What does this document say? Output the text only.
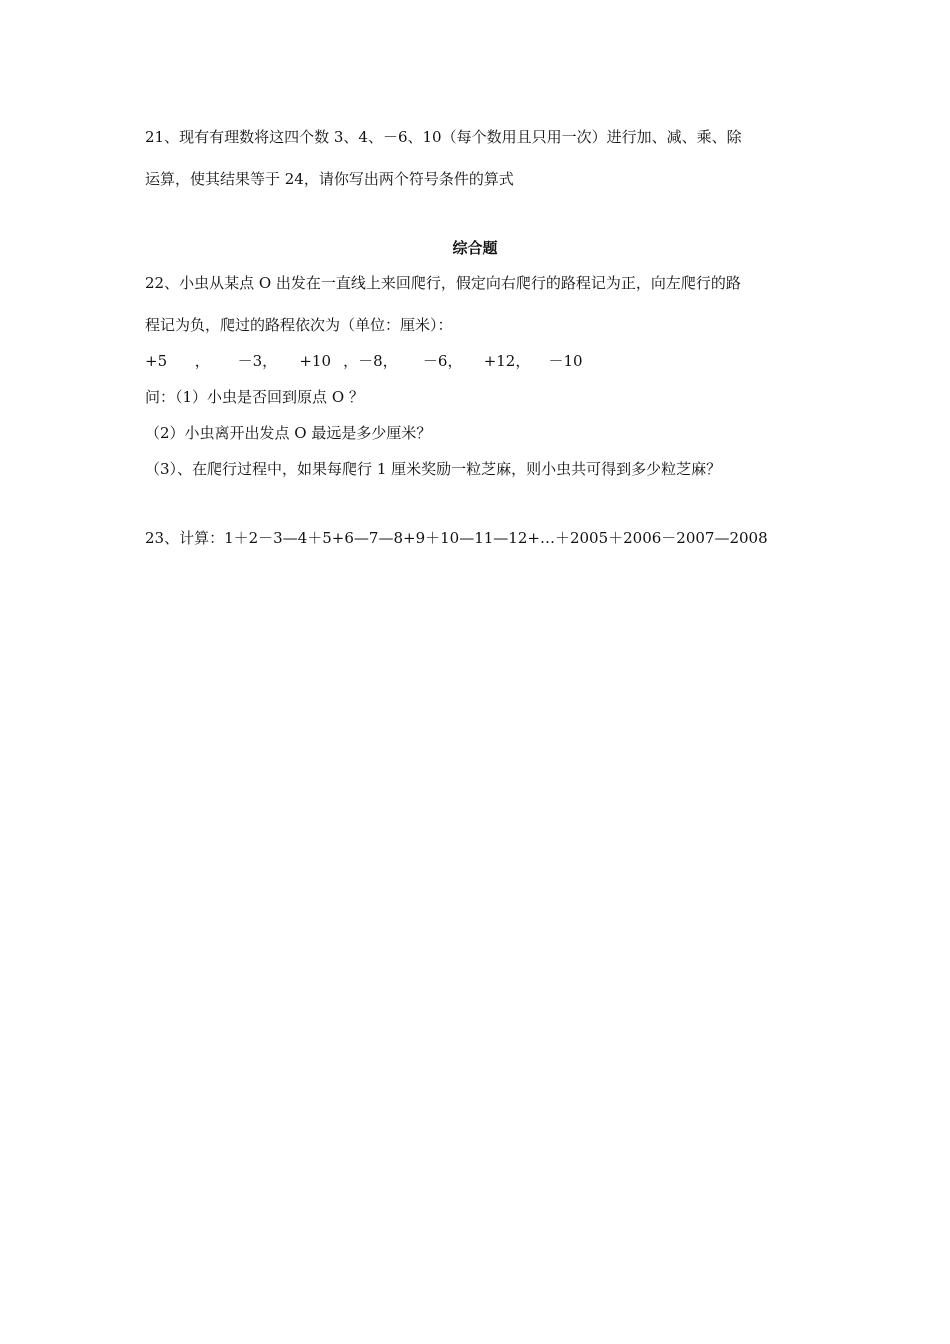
21、现有有理数将这四个数 3、4、－6、10（每个数用且只用一次）进行加、减、乘、除
运算，使其结果等于 24，请你写出两个符号条件的算式
综合题
22、小虫从某点 O 出发在一直线上来回爬行，假定向右爬行的路程记为正，向左爬行的路
程记为负，爬过的路程依次为（单位：厘米）：
+5 ， －3， +10 ，－8， －6， +12， －10
问：（1）小虫是否回到原点 O ？
（2）小虫离开出发点 O 最远是多少厘米？
（3）、在爬行过程中，如果每爬行 1 厘米奖励一粒芝麻，则小虫共可得到多少粒芝麻？
23、计算：1＋2－3—4＋5+6—7—8+9＋10—11—12+…＋2005＋2006－2007—2008
